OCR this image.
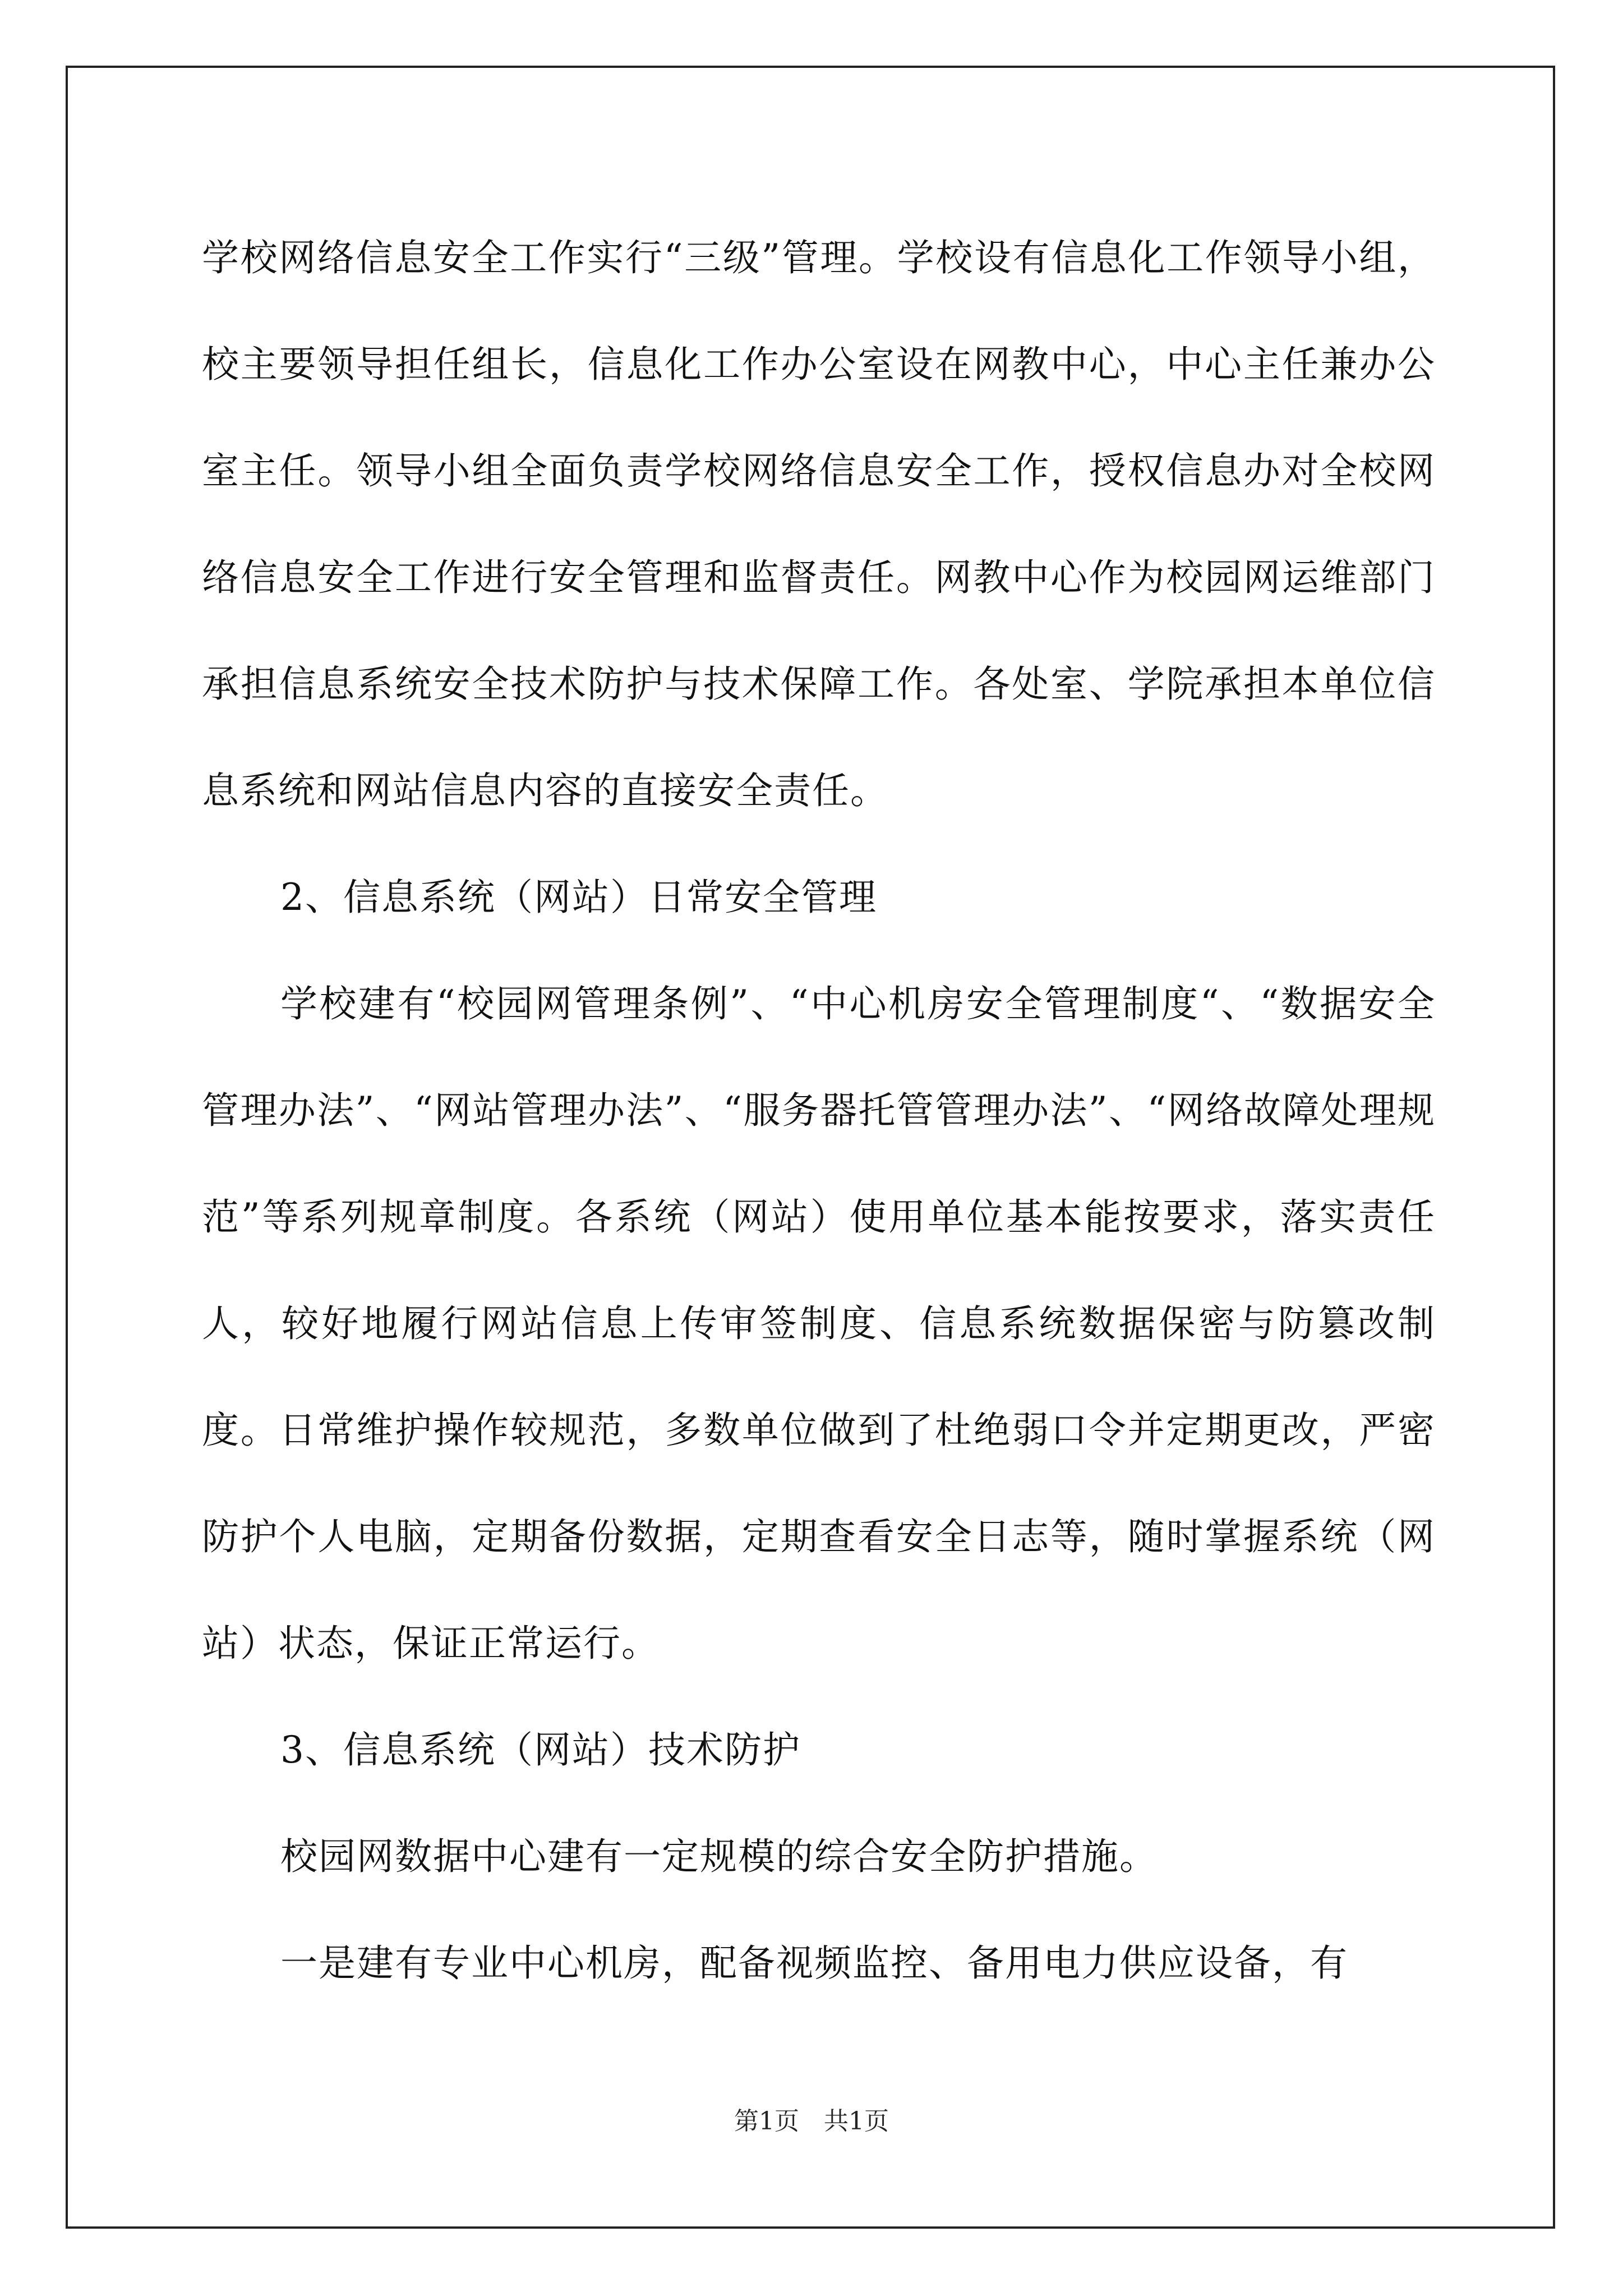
学校网络信息安全工作实行“三级”管理。学校设有信息化工作领导小组，校主要领导担任组长，信息化工作办公室设在网教中心，中心主任兼办公室主任。领导小组全面负责学校网络信息安全工作，授权信息办对全校网络信息安全工作进行安全管理和监督责任。网教中心作为校园网运维部门承担信息系统安全技术防护与技术保障工作。各处室、学院承担本单位信息系统和网站信息内容的直接安全责任。

2、信息系统（网站）日常安全管理

学校建有“校园网管理条例”、“中心机房安全管理制度“、“数据安全管理办法”、“网站管理办法”、“服务器托管管理办法”、“网络故障处理规范”等系列规章制度。各系统（网站）使用单位基本能按要求，落实责任人，较好地履行网站信息上传审签制度、信息系统数据保密与防篡改制度。日常维护操作较规范，多数单位做到了杜绝弱口令并定期更改，严密防护个人电脑，定期备份数据，定期查看安全日志等，随时掌握系统（网站）状态，保证正常运行。

3、信息系统（网站）技术防护

校园网数据中心建有一定规模的综合安全防护措施。

一是建有专业中心机房，配备视频监控、备用电力供应设备，有

第1页 共1页
